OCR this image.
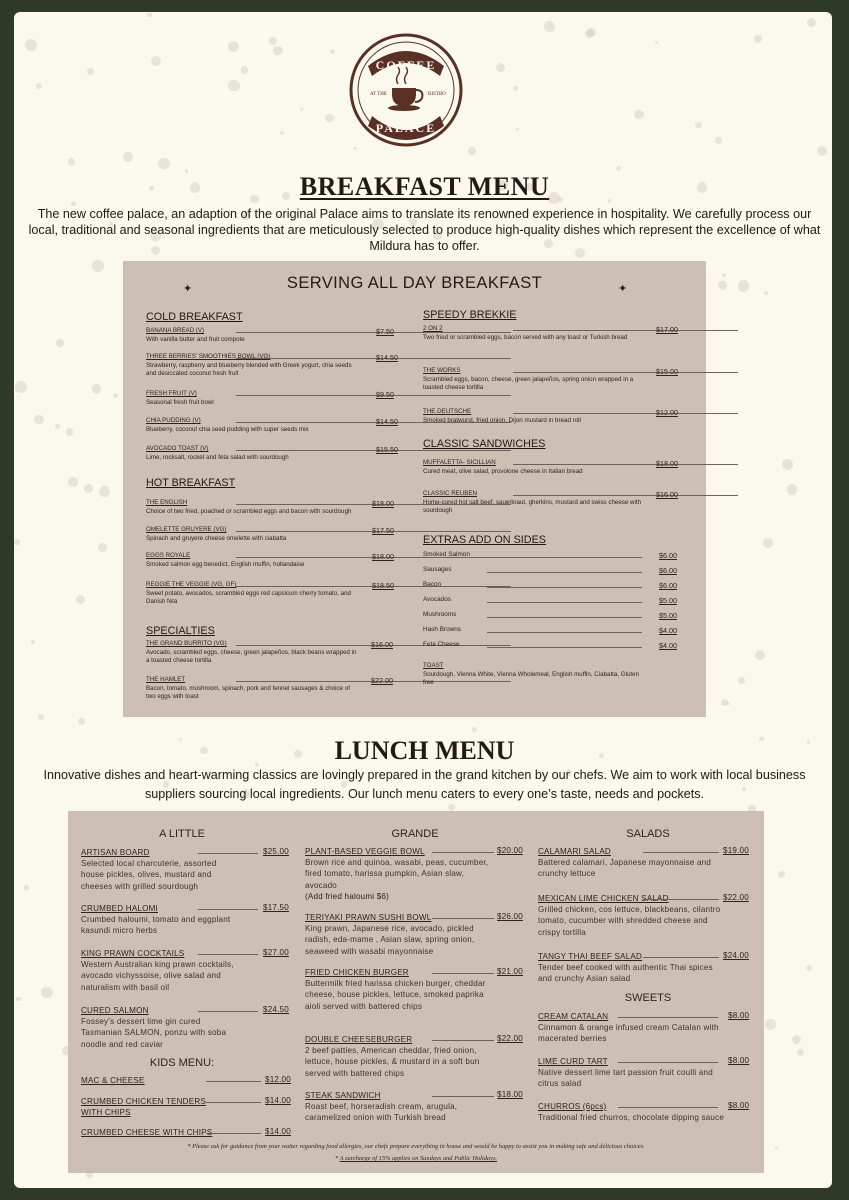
COFFEE
PALACE
AT THE	BISTRO
BREAKFAST MENU
The new coffee palace, an adaption of the original Palace aims to translate its renowned experience in hospitality. We carefully process our local, traditional and seasonal ingredients that are meticulously selected to produce high-quality dishes which represent the excellence of what Mildura has to offer.
✦	✦
SERVING ALL DAY BREAKFAST
COLD BREAKFAST
BANANA BREAD (V)
With vanilla butter and fruit compote
$7.50
THREE BERRIES' SMOOTHIES BOWL (VG)
Strawberry, raspberry and blueberry blended with Greek yogurt, chia seeds and desiccated coconut fresh fruit
$14.50
FRESH FRUIT (V)
Seasonal fresh fruit bowl
$9.50
CHIA PUDDING (V)
Blueberry, coconut chia seed pudding with super seeds mix
$14.50
AVOCADO TOAST (V)
Lime, rocksalt, rocket and feta salad with sourdough
$15.50
HOT BREAKFAST
THE ENGLISH
Choice of two fried, poached or scrambled eggs and bacon with sourdough
$18.00
OMELETTE GRUYERE (VG)
Spinach and gruyere cheese omelette with ciabatta
$17.50
EGGS ROYALE
Smoked salmon egg benedict, English muffin, hollandaise
$18.00
REGGIE THE VEGGIE (VG, GF)
Sweet potato, avocados, scrambled eggs red capsicum cherry tomato, and Danish feta
$18.50
SPECIALTIES
THE GRAND BURRITO (VG)
Avocado, scrambled eggs, cheese, green jalapeños, black beans wrapped in a toasted cheese tortilla
$16.00
THE HAMLET
Bacon, tomato, mushroom, spinach, pork and fennel sausages & choice of two eggs with toast
$22.00
SPEEDY BREKKIE
2 ON 2
Two fried or scrambled eggs, bacon served with any toast or Turkish bread
$17.00
THE WORKS
Scrambled eggs, bacon, cheese, green jalapeños, spring onion wrapped in a toasted cheese tortilla
$15.00
THE DEUTSCHE
Smoked bratwurst, fried onion, Dijon mustard in bread roll
$12.00
CLASSIC SANDWICHES
MUFFALETTA- SICILLIAN
Cured meat, olive salad, provolone cheese in Italian bread
$18.00
CLASSIC REUBEN
Home-cured hot salt beef, sauerkraut, gherkins, mustard and swiss cheese with sourdough
$16.00
EXTRAS ADD ON SIDES
Smoked Salmon	$6.00
Sausages	$6.00
Bacon	$6.00
Avocados	$5.00
Mushrooms	$5.00
Hash Browns	$4.00
Feta Cheese	$4.00
TOAST
Sourdough, Vienna White, Vienna Wholemeal, English muffin, Ciabatta, Gluten free
LUNCH MENU
Innovative dishes and heart-warming classics are lovingly prepared in the grand kitchen by our chefs. We aim to work with local business suppliers sourcing local ingredients. Our lunch menu caters to every one’s taste, needs and pockets.
A LITTLE
ARTISAN BOARD
Selected local charcuterie, assorted house pickles, olives, mustard and cheeses with grilled sourdough
$25.00
CRUMBED HALOMI
Crumbed haloumi, tomato and eggplant kasundi micro herbs
$17.50
KING PRAWN COCKTAILS
Western Australian king prawn cocktails, avocado vichyssoise, olive salad and naturalism with basil oil
$27.00
CURED SALMON
Fossey’s dessert lime gin cured Tasmanian SALMON, ponzu with soba noodle and red caviar
$24.50
KIDS MENU:
MAC & CHEESE	$12.00
CRUMBED CHICKEN TENDERS WITH CHIPS
$14.00
CRUMBED CHEESE WITH CHIPS	$14.00
GRANDE
PLANT-BASED VEGGIE BOWL
Brown rice and quinoa, wasabi, peas, cucumber, fired tomato, harissa pumpkin, Asian slaw, avocado
(Add fried haloumi $6)
$20.00
TERIYAKI PRAWN SUSHI BOWL
King prawn, Japanese rice, avocado, pickled radish, eda-mame , Asian slaw, spring onion, seaweed with wasabi mayonnaise
$26.00
FRIED CHICKEN BURGER
Buttermilk fried harissa chicken burger, cheddar cheese, house pickles, lettuce, smoked paprika aioli served with battered chips
$21.00
DOUBLE CHEESEBURGER
2 beef patties, American cheddar, fried onion, lettuce, house pickles, & mustard in a soft bun served with battered chips
$22.00
STEAK SANDWICH
Roast beef, horseradish cream, arugula, caramelized onion with Turkish bread
$18.00
SALADS
CALAMARI SALAD
Battered calamari, Japanese mayonnaise and crunchy lettuce
$19.00
MEXICAN LIME CHICKEN SALAD
Grilled chicken, cos lettuce, blackbeans, cilantro tomato, cucumber with shredded cheese and crispy tortilla
$22.00
TANGY THAI BEEF SALAD
Tender beef cooked with authentic Thai spices and crunchy Asian salad
$24.00
SWEETS
CREAM CATALAN
Cinnamon & orange infused cream Catalan with macerated berries
$8.00
LIME CURD TART
Native dessert lime tart passion fruit coulli and citrus salad
$8.00
CHURROS (6pcs)
Traditional fried churros, chocolate dipping sauce
$8.00
* Please ask for guidance from your waiter regarding food allergies, our chefs prepare everything in house and would be happy to assist you in making safe and delicious choices.
* A surcharge of 15% applies on Sundays and Public Holidays.
